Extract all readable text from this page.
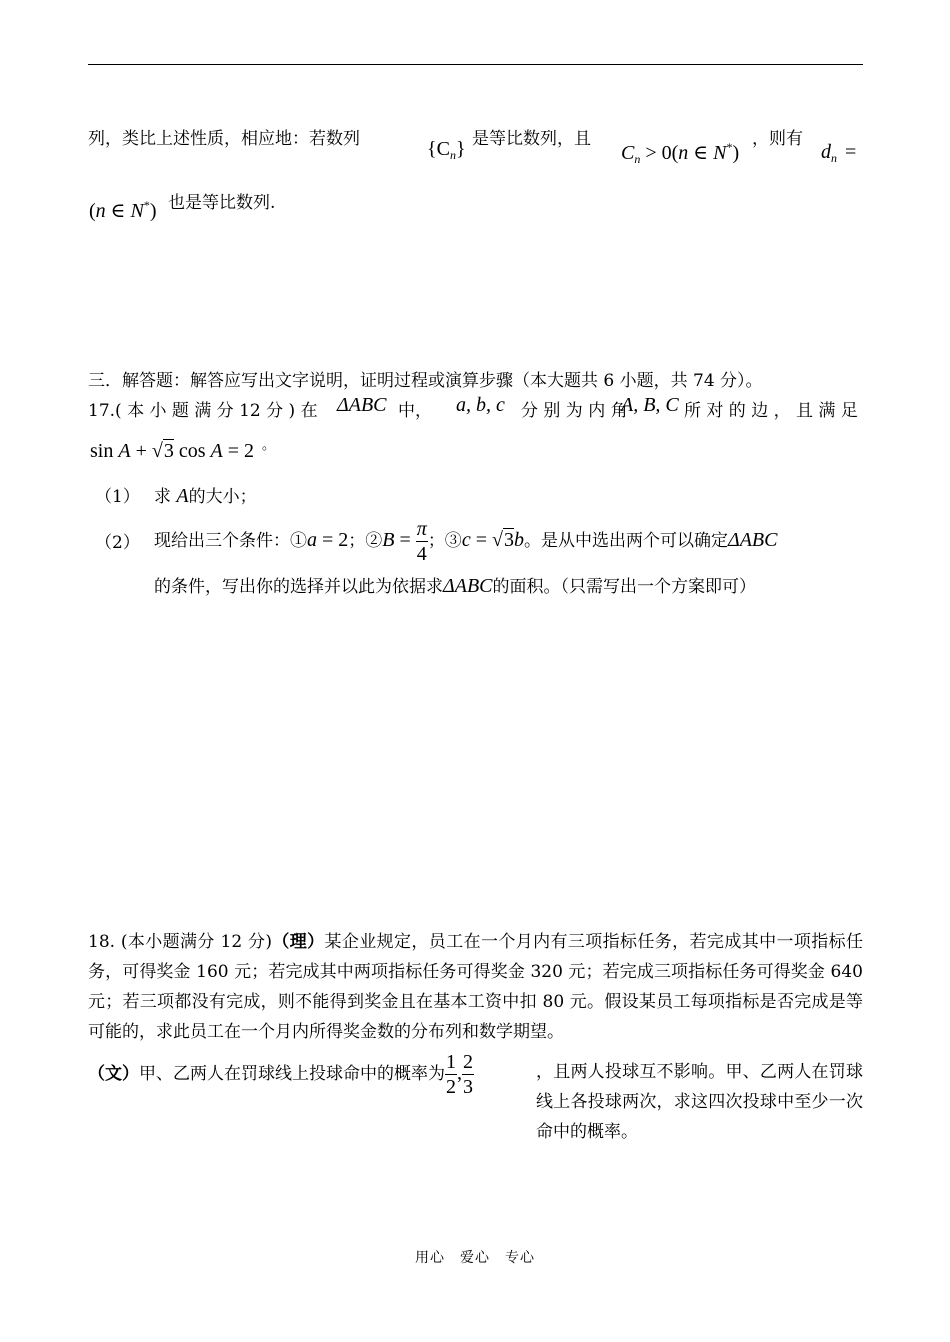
列，类比上述性质，相应地：若数列	$\{C_n\}$ 是等比数列，且
$C_n > 0(n$ ∈ N*)
，则有
$d_n$ =
(n ∈ N*) 也是等比数列.
三．解答题：解答应写出文字说明，证明过程或演算步骤（本大题共 6 小题，共 74 分）。
17.( 本 小 题 满 分 12 分 ) 在 ΔABC 中， a, b, c 分 别 为 内 角
A, B, C 所 对 的 边 ， 且 满 足
sin A + √3 cos A = 2 。
（1） 求 A的大小；
（2） 现给出三个条件：①a = 2；②B = $\frac{\pi}{4}$ ；③c = √3b。是从中选出两个可以确定ΔABC
的条件，写出你的选择并以此为依据求ΔABC的面积。（只需写出一个方案即可）
18. (本小题满分 12 分)（理）某企业规定，员工在一个月内有三项指标任务，若完成其中一项指标任务，可得奖金 160 元；若完成其中两项指标任务可得奖金 320 元；若完成三项指标任务可得奖金 640 元；若三项都没有完成，则不能得到奖金且在基本工资中扣 80 元。假设某员工每项指标是否完成是等可能的，求此员工在一个月内所得奖金数的分布列和数学期望。
（文）甲、乙两人在罚球线上投球命中的概率为 $\frac{1}{2}$ , $\frac{2}{3}$	，且两人投球互不影响。甲、乙两人在罚球线上各投球两次，求这四次投球中至少一次命中的概率。
用心　爱心　专心
